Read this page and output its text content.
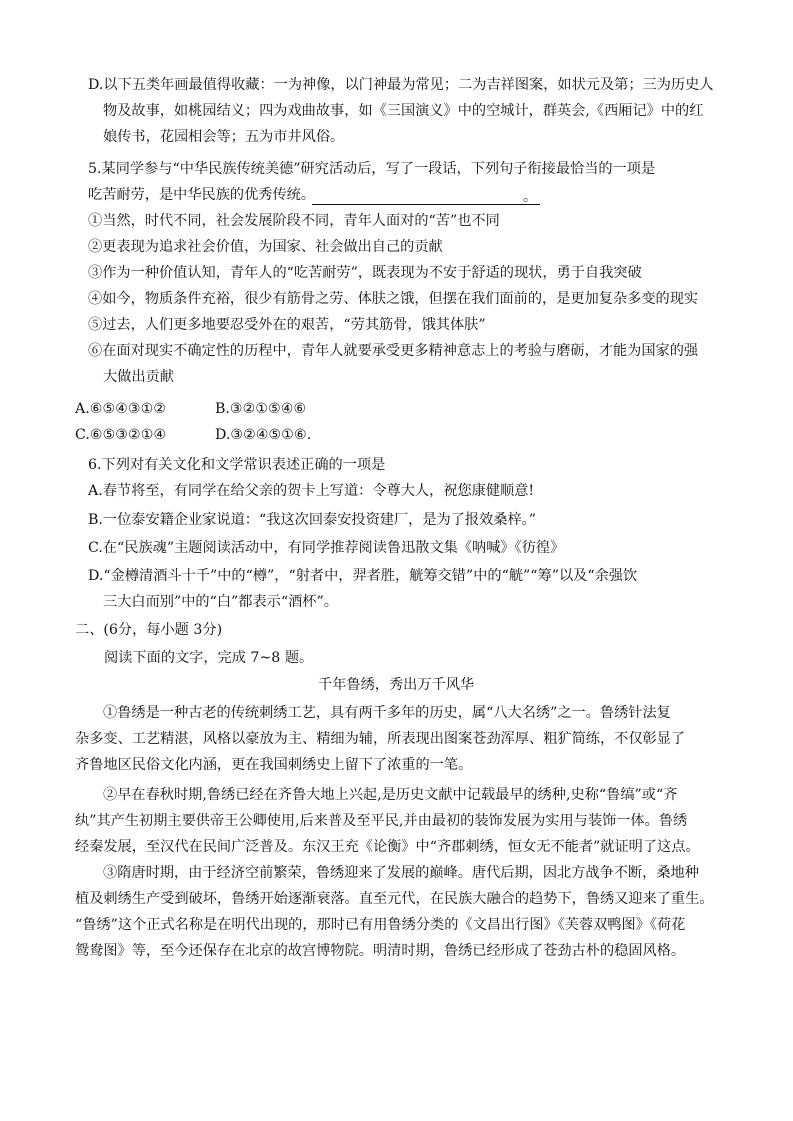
D.以下五类年画最值得收藏：一为神像，以门神最为常见；二为吉祥图案，如状元及第；三为历史人
物及故事，如桃园结义；四为戏曲故事，如《三国演义》中的空城计，群英会,《西厢记》中的红
娘传书，花园相会等；五为市井风俗。
5.某同学参与“中华民族传统美德”研究活动后，写了一段话，下列句子衔接最恰当的一项是
吃苦耐劳，是中华民族的优秀传统。	。
①当然，时代不同，社会发展阶段不同，青年人面对的“苦”也不同
②更表现为追求社会价值，为国家、社会做出自己的贡献
③作为一种价值认知，青年人的“吃苦耐劳”，既表现为不安于舒适的现状，勇于自我突破
④如今，物质条件充裕，很少有筋骨之劳、体肤之饿，但摆在我们面前的，是更加复杂多变的现实
⑤过去，人们更多地要忍受外在的艰苦，“劳其筋骨，饿其体肤”
⑥在面对现实不确定性的历程中，青年人就要承受更多精神意志上的考验与磨砺，才能为国家的强
大做出贡献
A.⑥⑤④③①②	B.③②①⑤④⑥
C.⑥⑤③②①④	D.③②④⑤①⑥.
6.下列对有关文化和文学常识表述正确的一项是
A.春节将至，有同学在给父亲的贺卡上写道：令尊大人，祝您康健顺意!
B.一位泰安籍企业家说道：“我这次回泰安投资建厂，是为了报效桑梓。”
C.在“民族魂”主题阅读活动中，有同学推荐阅读鲁迅散文集《呐喊》《彷徨》
D.“金樽清酒斗十千”中的“樽”，“射者中，羿者胜，觥筹交错”中的“觥”“筹”以及“余强饮
三大白而别”中的“白”都表示“酒杯”。
二、(6分，每小题 3分)
阅读下面的文字，完成 7~8 题。
千年鲁绣，秀出万千风华
①鲁绣是一种古老的传统刺绣工艺，具有两千多年的历史，属“八大名绣”之一。鲁绣针法复
杂多变、工艺精湛，风格以豪放为主、精细为辅，所表现出图案苍劲浑厚、粗犷简练，不仅彰显了
齐鲁地区民俗文化内涵，更在我国刺绣史上留下了浓重的一笔。
②早在春秋时期,鲁绣已经在齐鲁大地上兴起,是历史文献中记载最早的绣种,史称“鲁缟”或“齐
纨”其产生初期主要供帝王公卿使用,后来普及至平民,并由最初的装饰发展为实用与装饰一体。鲁绣
经秦发展，至汉代在民间广泛普及。东汉王充《论衡》中“齐郡刺绣，恒女无不能者”就证明了这点。
③隋唐时期，由于经济空前繁荣，鲁绣迎来了发展的巅峰。唐代后期，因北方战争不断，桑地种
植及刺绣生产受到破坏，鲁绣开始逐渐衰落。直至元代，在民族大融合的趋势下，鲁绣又迎来了重生。
“鲁绣”这个正式名称是在明代出现的，那时已有用鲁绣分类的《文昌出行图》《芙蓉双鸭图》《荷花
鸳鸯图》等，至今还保存在北京的故宫博物院。明清时期，鲁绣已经形成了苍劲古朴的稳固风格。
